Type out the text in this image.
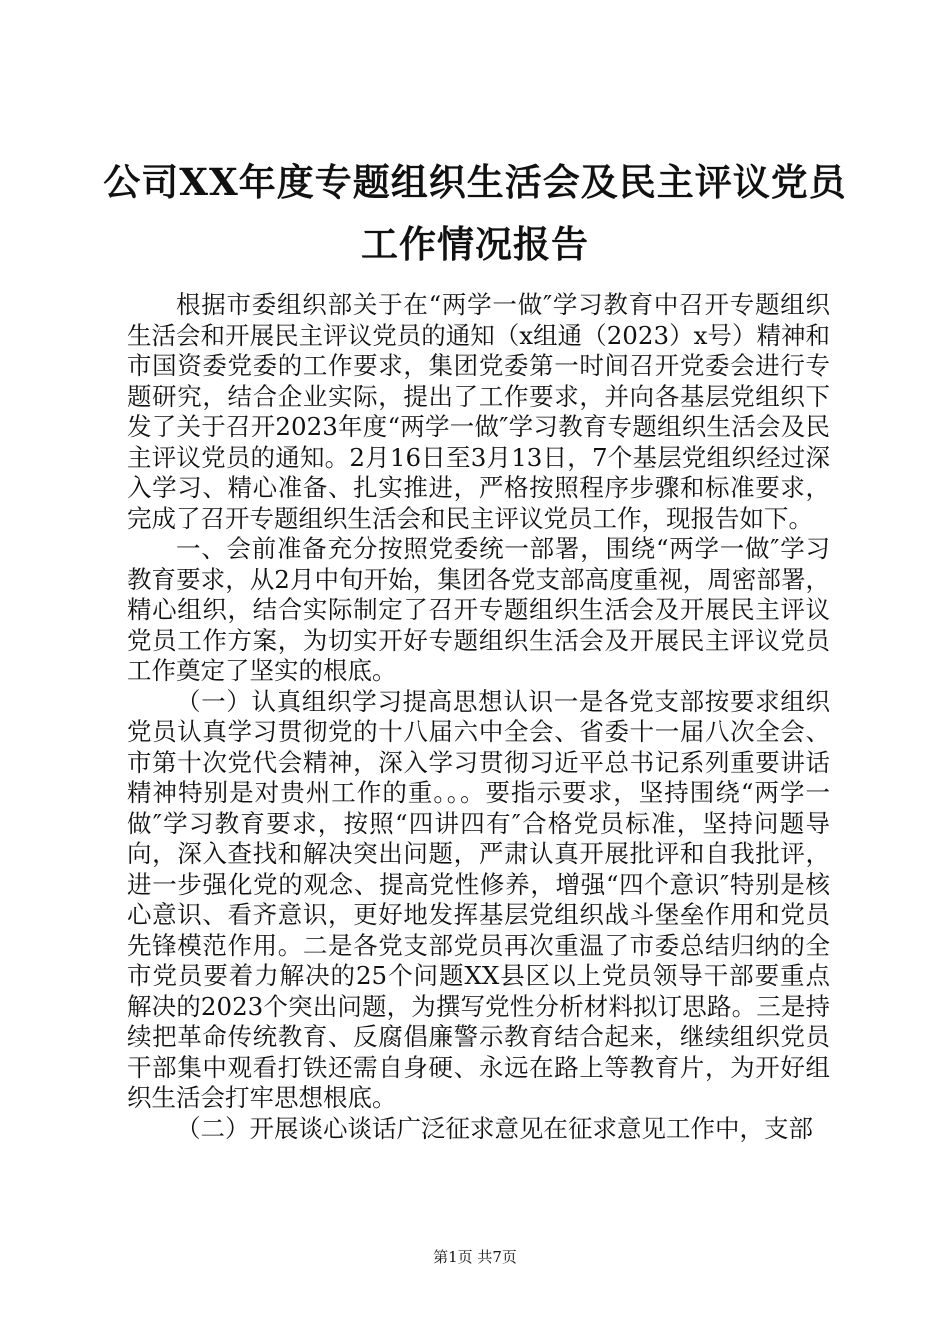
公司XX年度专题组织生活会及民主评议党员
工作情况报告

根据市委组织部关于在“两学一做″学习教育中召开专题组织生活会和开展民主评议党员的通知（x组通（2023）x号）精神和市国资委党委的工作要求，集团党委第一时间召开党委会进行专题研究，结合企业实际，提出了工作要求，并向各基层党组织下发了关于召开2023年度“两学一做″学习教育专题组织生活会及民主评议党员的通知。2月16日至3月13日，7个基层党组织经过深入学习、精心准备、扎实推进，严格按照程序步骤和标准要求，完成了召开专题组织生活会和民主评议党员工作，现报告如下。

一、会前准备充分按照党委统一部署，围绕“两学一做″学习教育要求，从2月中旬开始，集团各党支部高度重视，周密部署，精心组织，结合实际制定了召开专题组织生活会及开展民主评议党员工作方案，为切实开好专题组织生活会及开展民主评议党员工作奠定了坚实的根底。

（一）认真组织学习提高思想认识一是各党支部按要求组织党员认真学习贯彻党的十八届六中全会、省委十一届八次全会、市第十次党代会精神，深入学习贯彻习近平总书记系列重要讲话精神特别是对贵州工作的重。。。要指示要求，坚持围绕“两学一做″学习教育要求，按照“四讲四有″合格党员标准，坚持问题导向，深入查找和解决突出问题，严肃认真开展批评和自我批评，进一步强化党的观念、提高党性修养，增强“四个意识″特别是核心意识、看齐意识，更好地发挥基层党组织战斗堡垒作用和党员先锋模范作用。二是各党支部党员再次重温了市委总结归纳的全市党员要着力解决的25个问题XX县区以上党员领导干部要重点解决的2023个突出问题，为撰写党性分析材料拟订思路。三是持续把革命传统教育、反腐倡廉警示教育结合起来，继续组织党员干部集中观看打铁还需自身硬、永远在路上等教育片，为开好组织生活会打牢思想根底。

（二）开展谈心谈话广泛征求意见在征求意见工作中，支部

第1页 共7页
